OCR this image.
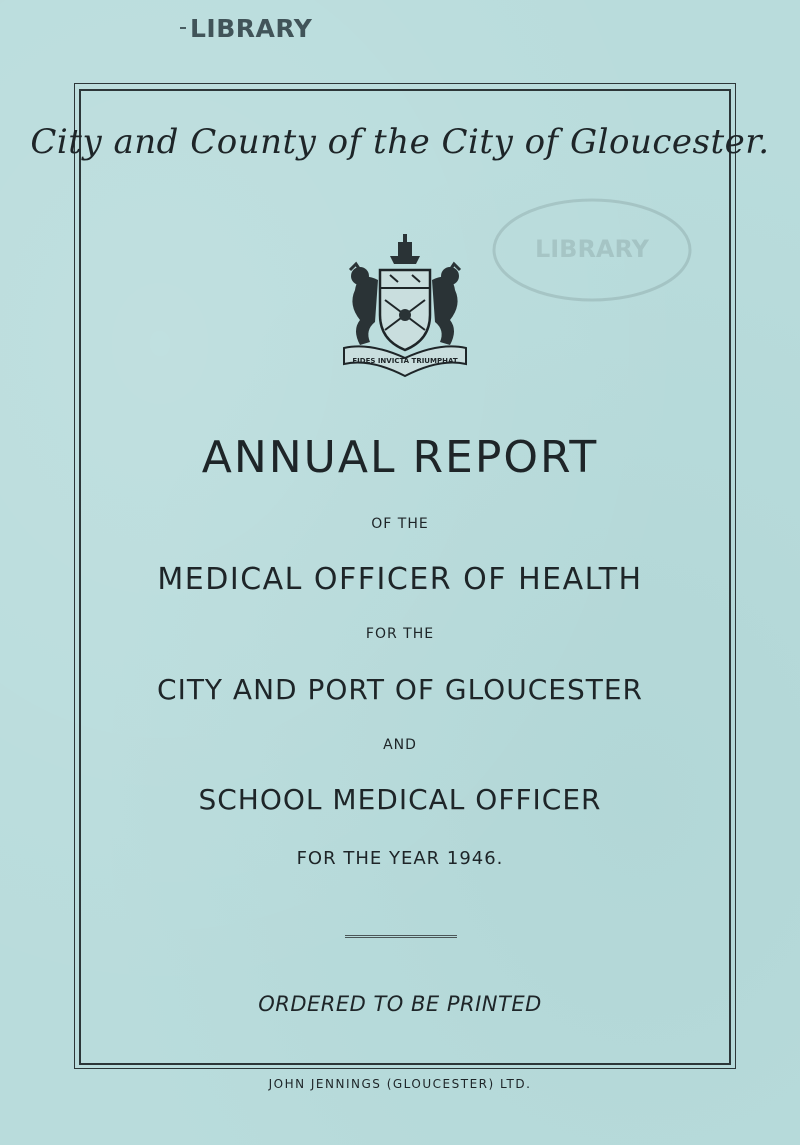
LIBRARY
City and County of the City of Gloucester.
LIBRARY
FIDES INVICTA TRIUMPHAT
ANNUAL REPORT
OF THE
MEDICAL OFFICER OF HEALTH
FOR THE
CITY AND PORT OF GLOUCESTER
AND
SCHOOL MEDICAL OFFICER
FOR THE YEAR 1946.
ORDERED TO BE PRINTED
JOHN JENNINGS (GLOUCESTER) LTD.
